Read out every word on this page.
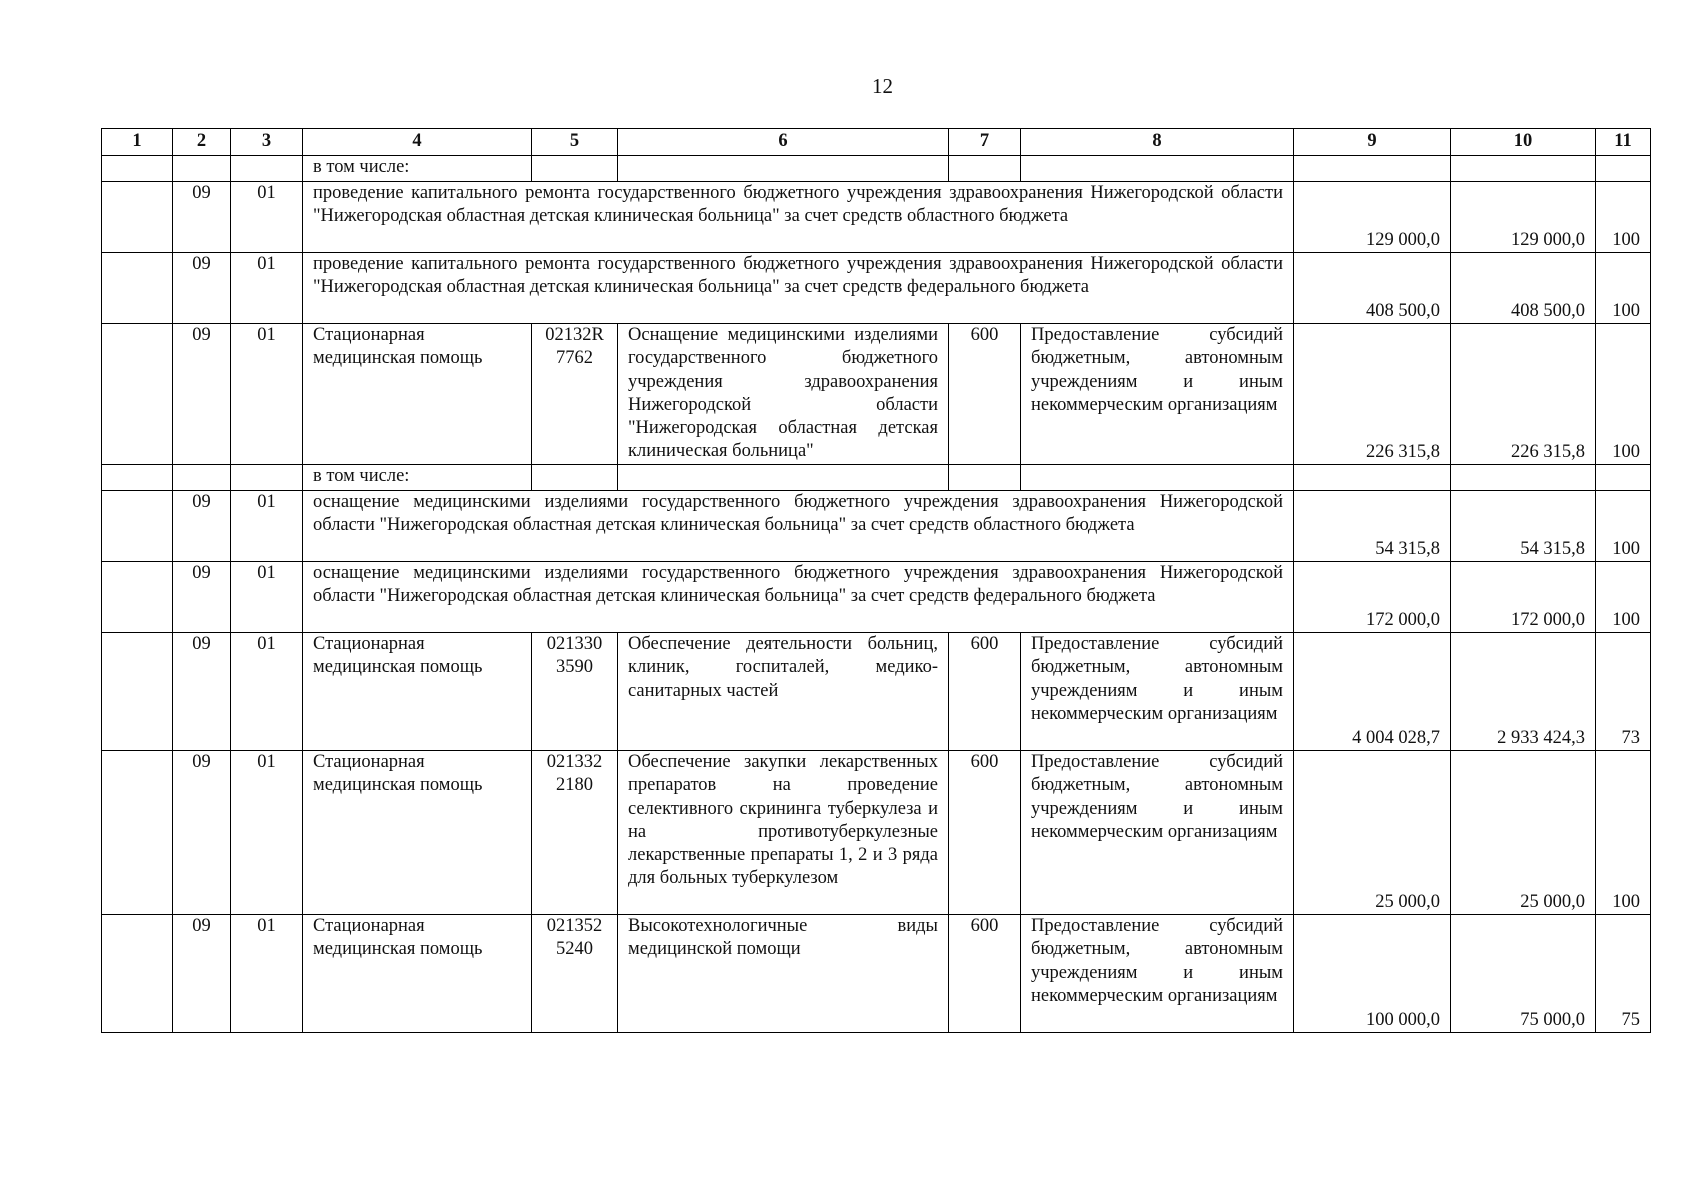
12
1	2	3	4	5	6	7	8	9	10	11
			в том числе:							
	09	01	проведение капитального ремонта государственного бюджетного учреждения здравоохранения Нижегородской области "Нижегородская областная детская клиническая больница" за счет средств областного бюджета					129 000,0	129 000,0	100
	09	01	проведение капитального ремонта государственного бюджетного учреждения здравоохранения Нижегородской области "Нижегородская областная детская клиническая больница" за счет средств федерального бюджета					408 500,0	408 500,0	100
	09	01	Стационарная медицинская помощь	02132R 7762	Оснащение медицинскими изделиями государственного бюджетного учреждения здравоохранения Нижегородской области "Нижегородская областная детская клиническая больница"	600	Предоставление субсидий бюджетным, автономным учреждениям и иным некоммерческим организациям	226 315,8	226 315,8	100
			в том числе:							
	09	01	оснащение медицинскими изделиями государственного бюджетного учреждения здравоохранения Нижегородской области "Нижегородская областная детская клиническая больница" за счет средств областного бюджета					54 315,8	54 315,8	100
	09	01	оснащение медицинскими изделиями государственного бюджетного учреждения здравоохранения Нижегородской области "Нижегородская областная детская клиническая больница" за счет средств федерального бюджета					172 000,0	172 000,0	100
	09	01	Стационарная медицинская помощь	021330 3590	Обеспечение деятельности больниц, клиник, госпиталей, медико-санитарных частей	600	Предоставление субсидий бюджетным, автономным учреждениям и иным некоммерческим организациям	4 004 028,7	2 933 424,3	73
	09	01	Стационарная медицинская помощь	021332 2180	Обеспечение закупки лекарственных препаратов на проведение селективного скрининга туберкулеза и на противотуберкулезные лекарственные препараты 1, 2 и 3 ряда для больных туберкулезом	600	Предоставление субсидий бюджетным, автономным учреждениям и иным некоммерческим организациям	25 000,0	25 000,0	100
	09	01	Стационарная медицинская помощь	021352 5240	Высокотехнологичные виды медицинской помощи	600	Предоставление субсидий бюджетным, автономным учреждениям и иным некоммерческим организациям	100 000,0	75 000,0	75
